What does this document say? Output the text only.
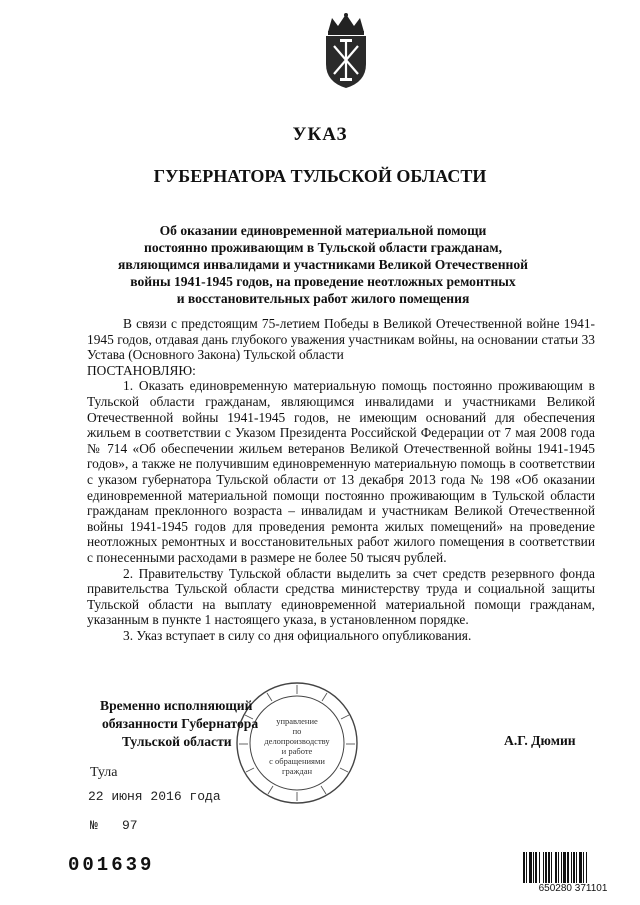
УКАЗ
ГУБЕРНАТОРА ТУЛЬСКОЙ ОБЛАСТИ
Об оказании единовременной материальной помощи
постоянно проживающим в Тульской области гражданам,
являющимся инвалидами и участниками Великой Отечественной
войны 1941-1945 годов, на проведение неотложных ремонтных
и восстановительных работ жилого помещения

В связи с предстоящим 75-летием Победы в Великой Отечественной войне 1941-1945 годов, отдавая дань глубокого уважения участникам войны, на основании статьи 33 Устава (Основного Закона) Тульской области

ПОСТАНОВЛЯЮ:

1. Оказать единовременную материальную помощь постоянно проживающим в Тульской области гражданам, являющимся инвалидами и участниками Великой Отечественной войны 1941-1945 годов, не имеющим оснований для обеспечения жильем в соответствии с Указом Президента Российской Федерации от 7 мая 2008 года № 714 «Об обеспечении жильем ветеранов Великой Отечественной войны 1941-1945 годов», а также не получившим единовременную материальную помощь в соответствии с указом губернатора Тульской области от 13 декабря 2013 года № 198 «Об оказании единовременной материальной помощи постоянно проживающим в Тульской области гражданам преклонного возраста – инвалидам и участникам Великой Отечественной войны 1941-1945 годов для проведения ремонта жилых помещений» на проведение неотложных ремонтных и восстановительных работ жилого помещения в соответствии с понесенными расходами в размере не более 50 тысяч рублей.

2. Правительству Тульской области выделить за счет средств резервного фонда правительства Тульской области средства министерству труда и социальной защиты Тульской области на выплату единовременной материальной помощи гражданам, указанным в пункте 1 настоящего указа, в установленном порядке.

3. Указ вступает в силу со дня официального опубликования.

управление
по делопроизводству
и работе
с обращениями
граждан
Временно исполняющий
обязанности Губернатора
Тульской области	А.Г. Дюмин
Тула
22 июня 2016 года
№ 97
001639
650280 371101
